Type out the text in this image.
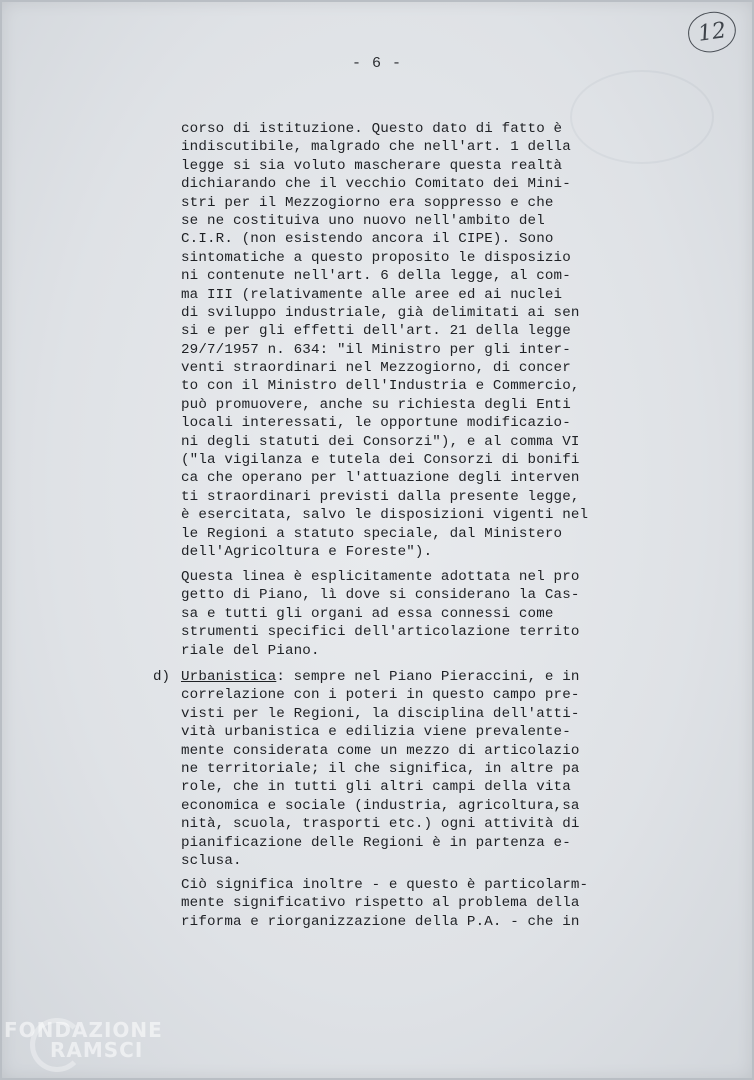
12
- 6 -
corso di istituzione. Questo dato di fatto è
indiscutibile, malgrado che nell'art. 1 della
legge si sia voluto mascherare questa realtà
dichiarando che il vecchio Comitato dei Mini-
stri per il Mezzogiorno era soppresso e che
se ne costituiva uno nuovo nell'ambito del
C.I.R. (non esistendo ancora il CIPE). Sono
sintomatiche a questo proposito le disposizio
ni contenute nell'art. 6 della legge, al com-
ma III (relativamente alle aree ed ai nuclei
di sviluppo industriale, già delimitati ai sen
si e per gli effetti dell'art. 21 della legge
29/7/1957 n. 634: "il Ministro per gli inter-
venti straordinari nel Mezzogiorno, di concer
to con il Ministro dell'Industria e Commercio,
può promuovere, anche su richiesta degli Enti
locali interessati, le opportune modificazio-
ni degli statuti dei Consorzi"), e al comma VI
("la vigilanza e tutela dei Consorzi di bonifi
ca che operano per l'attuazione degli interven
ti straordinari previsti dalla presente legge,
è esercitata, salvo le disposizioni vigenti nel
le Regioni a statuto speciale, dal Ministero
dell'Agricoltura e Foreste").
Questa linea è esplicitamente adottata nel pro
getto di Piano, lì dove si considerano la Cas-
sa e tutti gli organi ad essa connessi come
strumenti specifici dell'articolazione territo
riale del Piano.
d) Urbanistica: sempre nel Piano Pieraccini, e in
correlazione con i poteri in questo campo pre-
visti per le Regioni, la disciplina dell'atti-
vità urbanistica e edilizia viene prevalente-
mente considerata come un mezzo di articolazio
ne territoriale; il che significa, in altre pa
role, che in tutti gli altri campi della vita
economica e sociale (industria, agricoltura,sa
nità, scuola, trasporti etc.) ogni attività di
pianificazione delle Regioni è in partenza e-
sclusa.
Ciò significa inoltre - e questo è particolarm-
mente significativo rispetto al problema della
riforma e riorganizzazione della P.A. - che in
FONDAZIONE
RAMSCI
